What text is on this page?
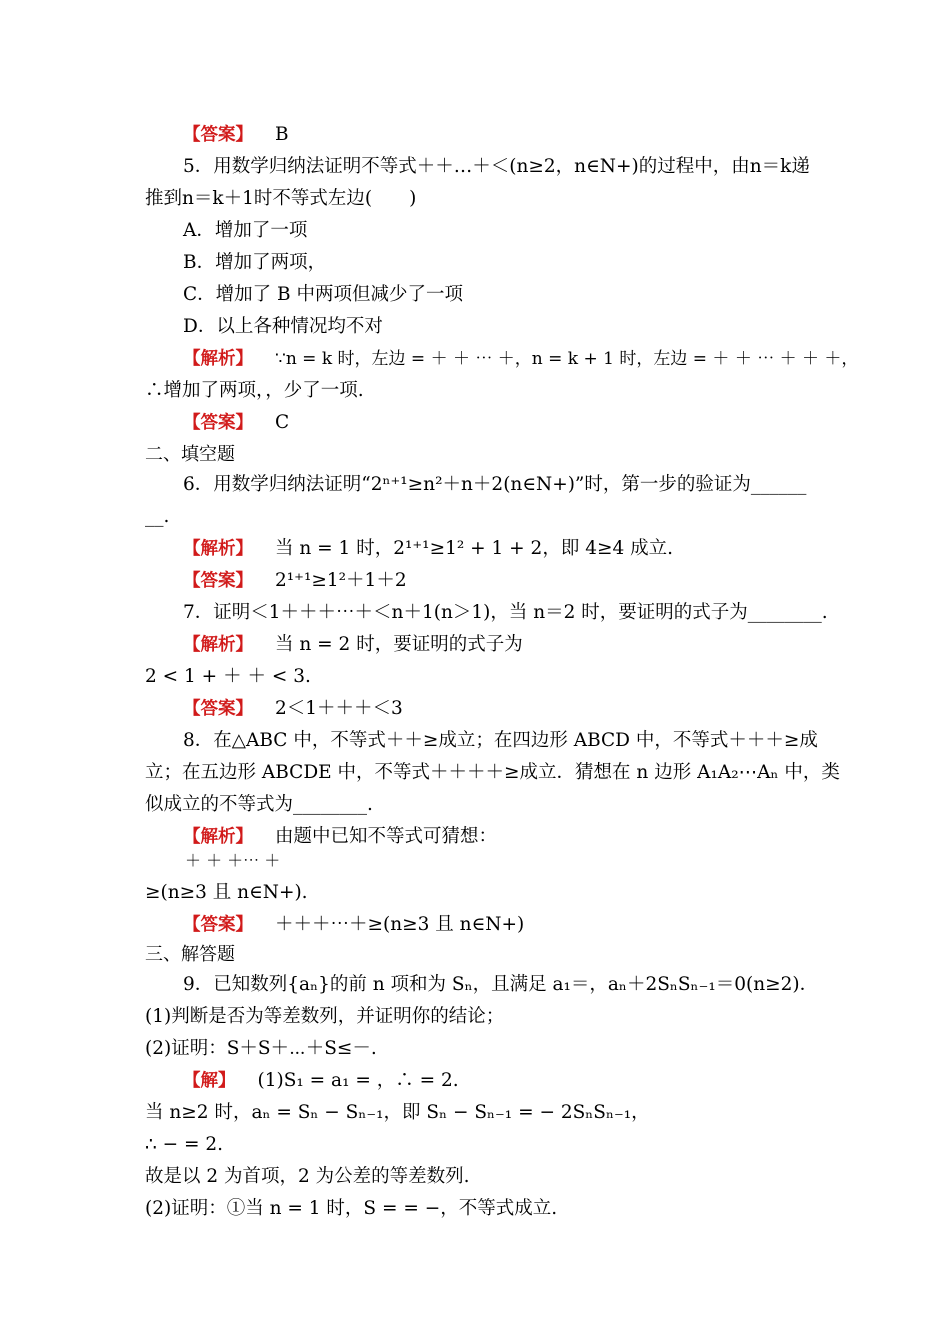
【答案】 B
5．用数学归纳法证明不等式＋＋…＋＜(n≥2，n∈N+)的过程中，由n＝k递
推到n＝k＋1时不等式左边(　　)
A．增加了一项
B．增加了两项，
C．增加了 B 中两项但减少了一项
D．以上各种情况均不对
【解析】 ∵n = k 时，左边 = ＋ ＋ ⋯ ＋，n = k + 1 时，左边 = ＋ ＋ ⋯ ＋ ＋ ＋，
∴增加了两项，，少了一项.
【答案】 C
二、填空题
6．用数学归纳法证明“2ⁿ⁺¹≥n²＋n＋2(n∈N+)”时，第一步的验证为______
__.
【解析】 当 n = 1 时，2¹⁺¹≥1² + 1 + 2，即 4≥4 成立.
【答案】 2¹⁺¹≥1²＋1＋2
7．证明＜1＋＋＋⋯＋＜n＋1(n＞1)，当 n＝2 时，要证明的式子为________.
【解析】 当 n = 2 时，要证明的式子为
2 < 1 + ＋ ＋ < 3.
【答案】 2＜1＋＋＋＜3
8．在△ABC 中，不等式＋＋≥成立；在四边形 ABCD 中，不等式＋＋＋≥成
立；在五边形 ABCDE 中，不等式＋＋＋＋≥成立．猜想在 n 边形 A₁A₂⋯Aₙ 中，类
似成立的不等式为________.
【解析】 由题中已知不等式可猜想：
＋ ＋ ＋⋯ ＋
≥(n≥3 且 n∈N+).
【答案】 ＋＋＋⋯＋≥(n≥3 且 n∈N+)
三、解答题
9．已知数列{aₙ}的前 n 项和为 Sₙ，且满足 a₁＝，aₙ＋2SₙSₙ₋₁＝0(n≥2)．
(1)判断是否为等差数列，并证明你的结论；
(2)证明：S＋S＋⋯＋S≤－.
【解】 (1)S₁ = a₁ = ，∴ = 2.
当 n≥2 时，aₙ = Sₙ − Sₙ₋₁，即 Sₙ − Sₙ₋₁ = − 2SₙSₙ₋₁，
∴ − = 2.
故是以 2 为首项，2 为公差的等差数列.
(2)证明：①当 n = 1 时，S = = −，不等式成立.
